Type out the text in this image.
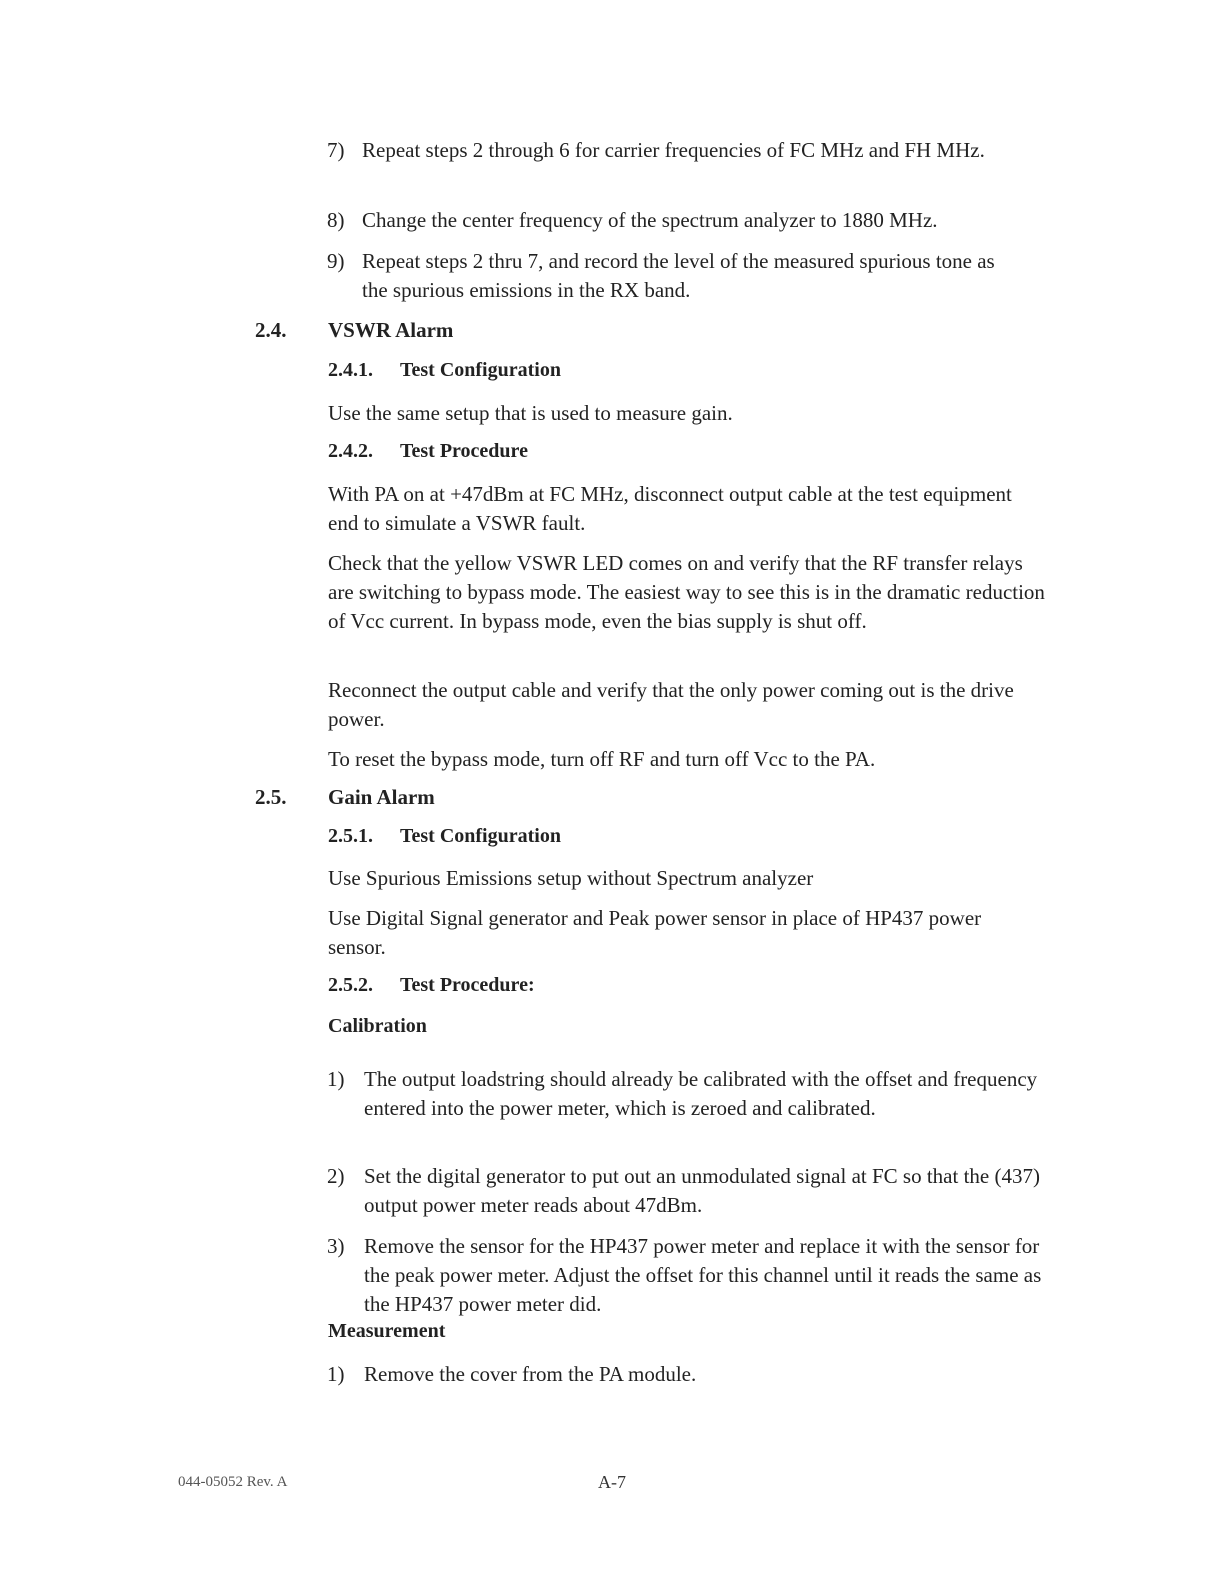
7) Repeat steps 2 through 6 for carrier frequencies of FC MHz and FH MHz.
8) Change the center frequency of the spectrum analyzer to 1880 MHz.
9) Repeat steps 2 thru 7, and record the level of the measured spurious tone as the spurious emissions in the RX band.
2.4. VSWR Alarm
2.4.1. Test Configuration
Use the same setup that is used to measure gain.
2.4.2. Test Procedure
With PA on at +47dBm at FC MHz, disconnect output cable at the test equipment end to simulate a VSWR fault.
Check that the yellow VSWR LED comes on and verify that the RF transfer relays are switching to bypass mode. The easiest way to see this is in the dramatic reduction of Vcc current. In bypass mode, even the bias supply is shut off.
Reconnect the output cable and verify that the only power coming out is the drive power.
To reset the bypass mode, turn off RF and turn off Vcc to the PA.
2.5. Gain Alarm
2.5.1. Test Configuration
Use Spurious Emissions setup without Spectrum analyzer
Use Digital Signal generator and Peak power sensor in place of HP437 power sensor.
2.5.2. Test Procedure:
Calibration
1) The output loadstring should already be calibrated with the offset and frequency entered into the power meter, which is zeroed and calibrated.
2) Set the digital generator to put out an unmodulated signal at FC so that the (437) output power meter reads about 47dBm.
3) Remove the sensor for the HP437 power meter and replace it with the sensor for the peak power meter. Adjust the offset for this channel until it reads the same as the HP437 power meter did.
Measurement
1) Remove the cover from the PA module.
044-05052 Rev. A	A-7
